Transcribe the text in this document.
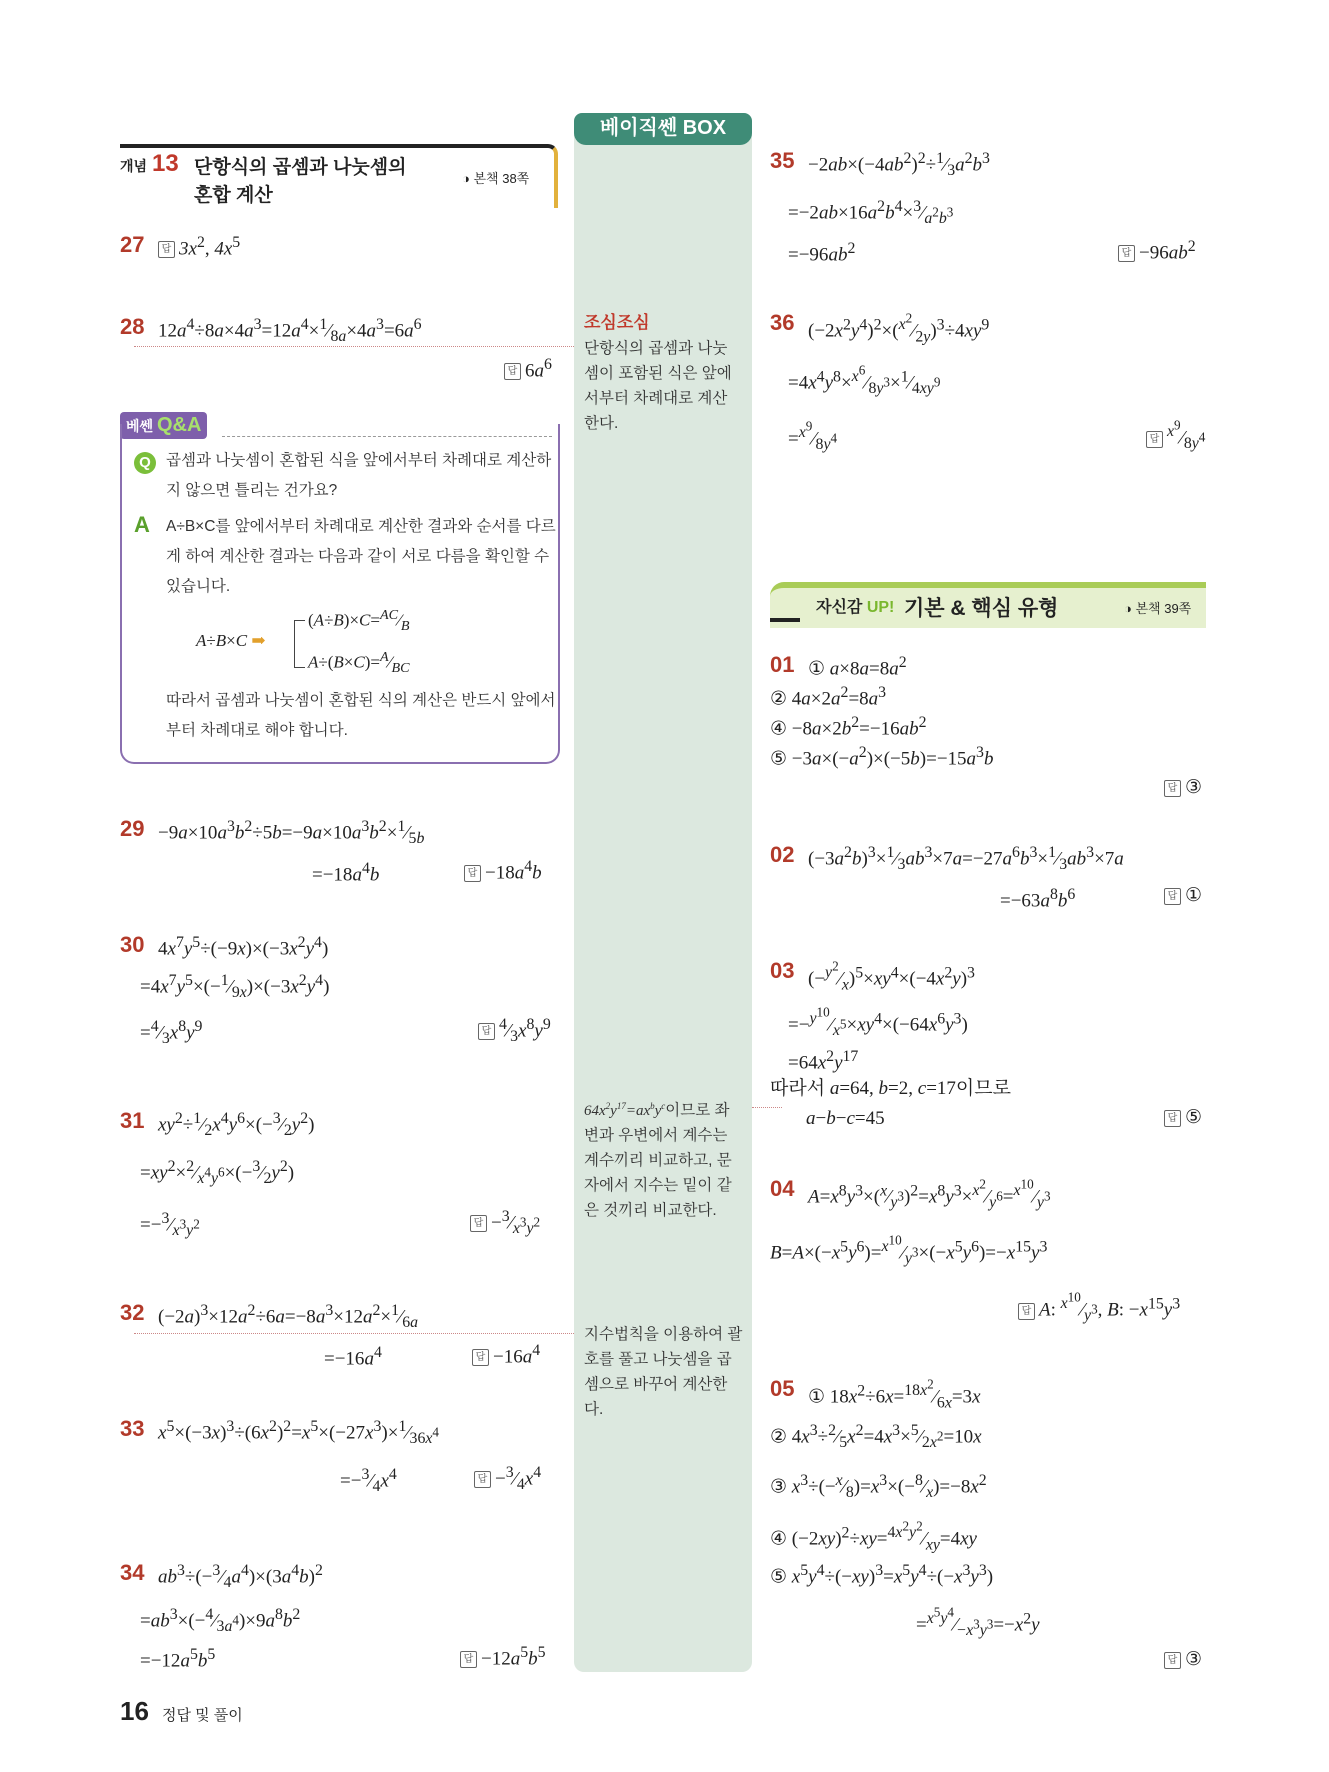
베이직쎈 BOX
조심조심
단항식의 곱셈과 나눗셈이 포함된 식은 앞에서부터 차례대로 계산한다.
$64x^2y^{17}=ax^by^c$이므로 좌변과 우변에서 계수는 계수끼리 비교하고, 문자에서 지수는 밑이 같은 것끼리 비교한다.
지수법칙을 이용하여 괄호를 풀고 나눗셈을 곱셈으로 바꾸어 계산한다.
개념 13 단항식의 곱셈과 나눗셈의
혼합 계산
◑ 본책 38쪽
27	답 $3x^2$, $4x^5$
28 $12a^4\div 8a\times 4a^3=12a^4\times^1⁄_{8a}\times 4a^3=6a^6$
답 $6a^6$
베쎈 Q&A
Q 곱셈과 나눗셈이 혼합된 식을 앞에서부터 차례대로 계산하지 않으면 틀리는 건가요?
A A÷B×C를 앞에서부터 차례대로 계산한 결과와 순서를 다르게 하여 계산한 결과는 다음과 같이 서로 다름을 확인할 수 있습니다.
A÷B×C ➡
$(A\div B)\times C=^{AC}⁄_B$
$A\div(B\times C)=^A⁄_{BC}$
따라서 곱셈과 나눗셈이 혼합된 식의 계산은 반드시 앞에서부터 차례대로 해야 합니다.
$29 -9a\times 10a^3b^2\div 5b=-9a\times 10a^3b^2\times^1⁄_{5b}$
$=-18a^4b$	답 $-18a^4b$
30 $4x^7y^5\div(-9x)\times(-3x^2y^4)$
$=4x^7y^5\times(-^1⁄_{9x})\times(-3x^2y^4)$
$=^4⁄_3x^8y^9$	답 $^4⁄_3x^8y^9$
31 $xy^2\div^1⁄_2x^4y^6\times(-^3⁄_2y^2)$
$=xy^2\times^2⁄_{x^4y^6}\times(-^3⁄_2y^2)$
$=-^3⁄_{x^3y^2}$	답 $-^3⁄_{x^3y^2}$
32 $(-2a)^3\times 12a^2\div 6a=-8a^3\times 12a^2\times^1⁄_{6a}$
$=-16a^4$	답 $-16a^4$
33 $x^5\times(-3x)^3\div(6x^2)^2=x^5\times(-27x^3)\times^1⁄_{36x^4}$
$=-^3⁄_4x^4$	답 $-^3⁄_4x^4$
34 $ab^3\div(-^3⁄_4a^4)\times(3a^4b)^2$
$=ab^3\times(-^4⁄_{3a^4})\times 9a^8b^2$
$=-12a^5b^5$	답 $-12a^5b^5$
$35 -2ab\times(-4ab^2)^2\div^1⁄_3a^2b^3$
$=-2ab\times 16a^2b^4\times^3⁄_{a^2b^3}$
$=-96ab^2$	답 $-96ab^2$
36 $(-2x^2y^4)^2\times(^{x^2}⁄_{2y})^3\div 4xy^9$
$=4x^4y^8\times^{x^6}⁄_{8y^3}\times^1⁄_{4xy^9}$
$=^{x^9}⁄_{8y^4}$	답 $^{x^9}⁄_{8y^4}$
자신감 UP! 기본 & 핵심 유형	◑ 본책 39쪽
01 ① $a\times 8a=8a^2$
② $4a\times 2a^2=8a^3$
④ $-8a\times 2b^2=-16ab^2$
⑤ $-3a\times(-a^2)\times(-5b)=-15a^3b$
답 ③
02 $(-3a^2b)^3\times^1⁄_3ab^3\times 7a=-27a^6b^3\times^1⁄_3ab^3\times 7a$
$=-63a^8b^6$	답 ①
03 $(-^{y^2}⁄_x)^5\times xy^4\times(-4x^2y)^3$
$=-^{y^{10}}⁄_{x^5}\times xy^4\times(-64x^6y^3)$
$=64x^2y^{17}$
따라서 a=64, b=2, c=17이므로
a−b−c=45	답 ⑤
04 $A=x^8y^3\times(^x⁄_{y^3})^2=x^8y^3\times^{x^2}⁄_{y^6}=^{x^{10}}⁄_{y^3}$
$B=A\times(-x^5y^6)=^{x^{10}}⁄_{y^3}\times(-x^5y^6)=-x^{15}y^3$
답 A: $^{x^{10}}⁄_{y^3}$, B: $-x^{15}y^3$
05 ① $18x^2\div 6x=^{18x^2}⁄_{6x}=3x$
② $4x^3\div^2⁄_5x^2=4x^3\times^5⁄_{2x^2}=10x$
③ $x^3\div(-^x⁄_8)=x^3\times(-^8⁄_x)=-8x^2$
④ $(-2xy)^2\div xy=^{4x^2y^2}⁄_{xy}=4xy$
⑤ $x^5y^4\div(-xy)^3=x^5y^4\div(-x^3y^3)$
$=^{x^5y^4}⁄_{-x^3y^3}=-x^2y$
답 ③
16 정답 및 풀이
